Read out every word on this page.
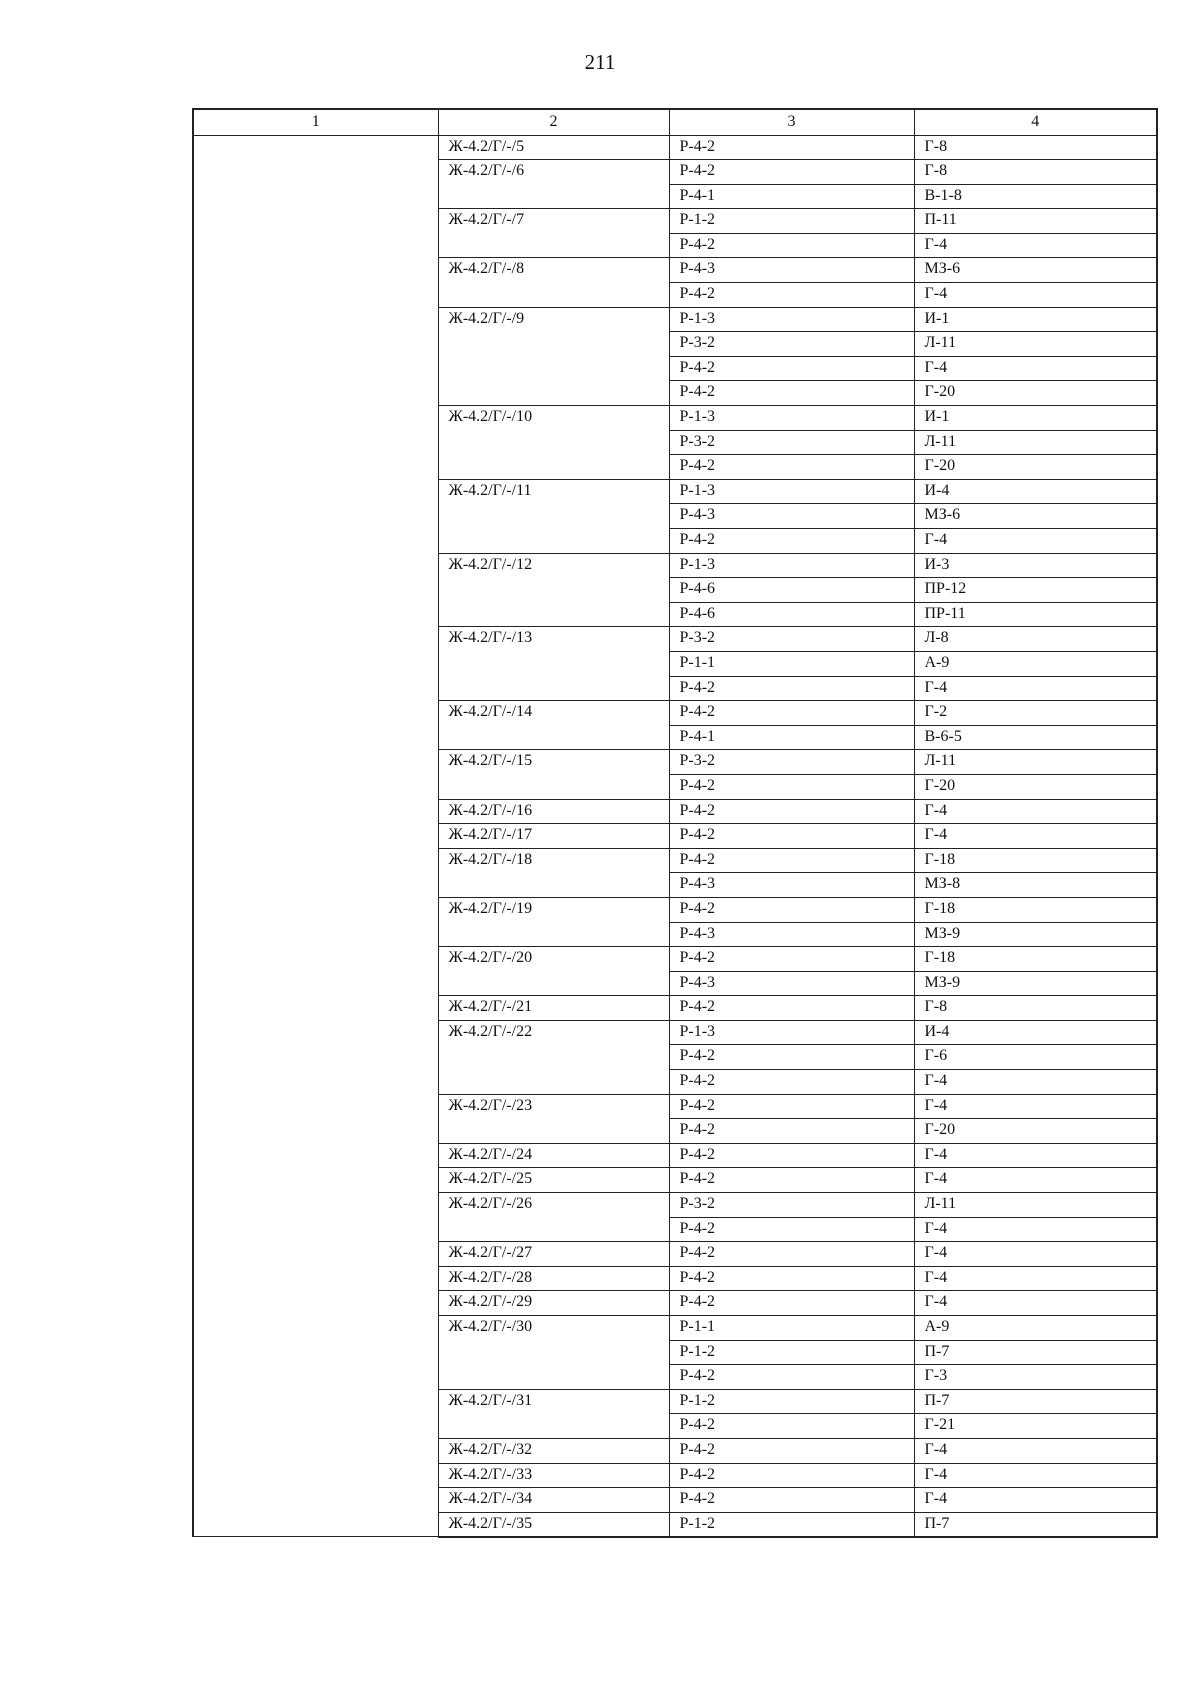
211
1	2	3	4
	Ж-4.2/Г/-/5	Р-4-2	Г-8
	Ж-4.2/Г/-/6	Р-4-2	Г-8
		Р-4-1	В-1-8
	Ж-4.2/Г/-/7	Р-1-2	П-11
		Р-4-2	Г-4
	Ж-4.2/Г/-/8	Р-4-3	МЗ-6
		Р-4-2	Г-4
	Ж-4.2/Г/-/9	Р-1-3	И-1
		Р-3-2	Л-11
		Р-4-2	Г-4
		Р-4-2	Г-20
	Ж-4.2/Г/-/10	Р-1-3	И-1
		Р-3-2	Л-11
		Р-4-2	Г-20
	Ж-4.2/Г/-/11	Р-1-3	И-4
		Р-4-3	МЗ-6
		Р-4-2	Г-4
	Ж-4.2/Г/-/12	Р-1-3	И-3
		Р-4-6	ПР-12
		Р-4-6	ПР-11
	Ж-4.2/Г/-/13	Р-3-2	Л-8
		Р-1-1	А-9
		Р-4-2	Г-4
	Ж-4.2/Г/-/14	Р-4-2	Г-2
		Р-4-1	В-6-5
	Ж-4.2/Г/-/15	Р-3-2	Л-11
		Р-4-2	Г-20
	Ж-4.2/Г/-/16	Р-4-2	Г-4
	Ж-4.2/Г/-/17	Р-4-2	Г-4
	Ж-4.2/Г/-/18	Р-4-2	Г-18
		Р-4-3	МЗ-8
	Ж-4.2/Г/-/19	Р-4-2	Г-18
		Р-4-3	МЗ-9
	Ж-4.2/Г/-/20	Р-4-2	Г-18
		Р-4-3	МЗ-9
	Ж-4.2/Г/-/21	Р-4-2	Г-8
	Ж-4.2/Г/-/22	Р-1-3	И-4
		Р-4-2	Г-6
		Р-4-2	Г-4
	Ж-4.2/Г/-/23	Р-4-2	Г-4
		Р-4-2	Г-20
	Ж-4.2/Г/-/24	Р-4-2	Г-4
	Ж-4.2/Г/-/25	Р-4-2	Г-4
	Ж-4.2/Г/-/26	Р-3-2	Л-11
		Р-4-2	Г-4
	Ж-4.2/Г/-/27	Р-4-2	Г-4
	Ж-4.2/Г/-/28	Р-4-2	Г-4
	Ж-4.2/Г/-/29	Р-4-2	Г-4
	Ж-4.2/Г/-/30	Р-1-1	А-9
		Р-1-2	П-7
		Р-4-2	Г-3
	Ж-4.2/Г/-/31	Р-1-2	П-7
		Р-4-2	Г-21
	Ж-4.2/Г/-/32	Р-4-2	Г-4
	Ж-4.2/Г/-/33	Р-4-2	Г-4
	Ж-4.2/Г/-/34	Р-4-2	Г-4
	Ж-4.2/Г/-/35	Р-1-2	П-7
